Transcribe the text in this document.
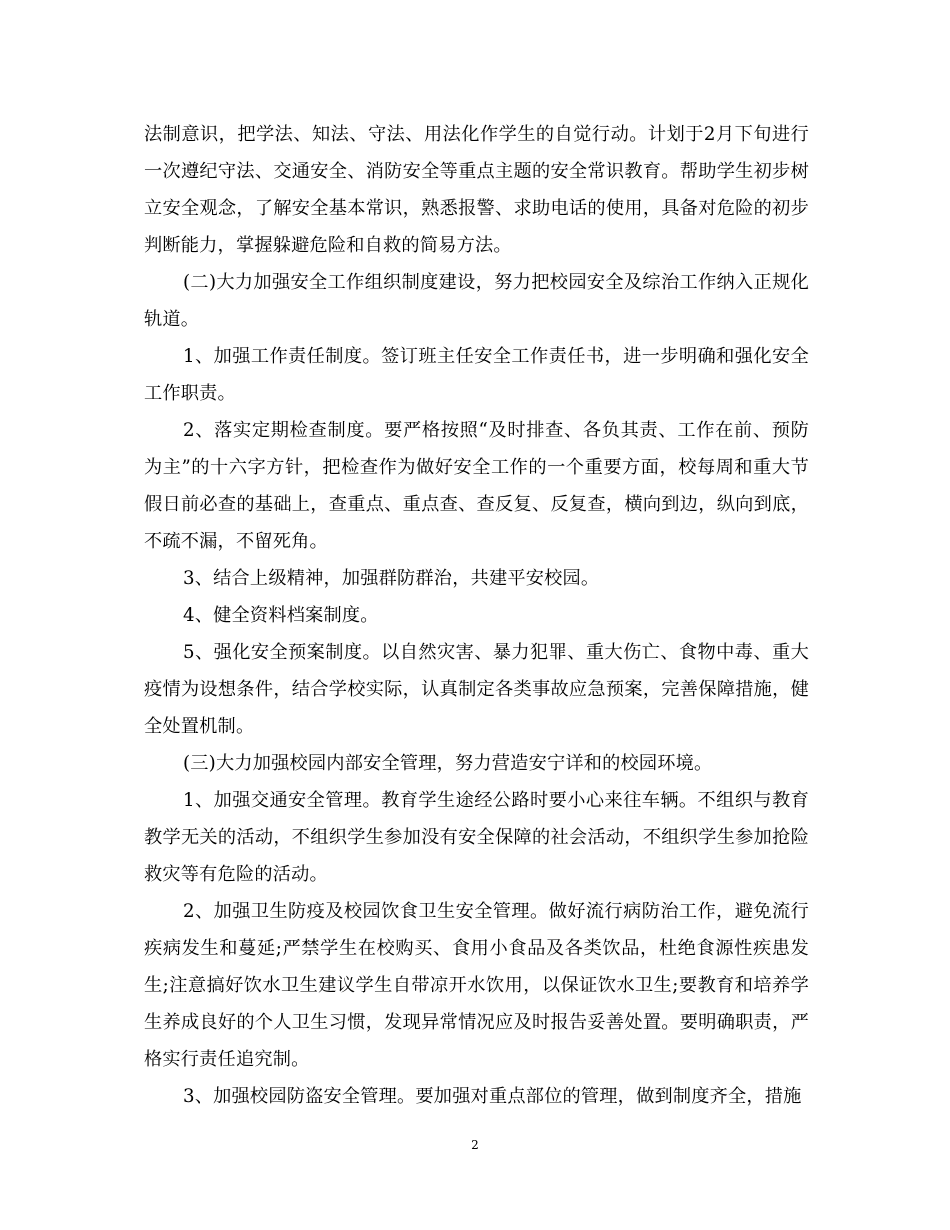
法制意识，把学法、知法、守法、用法化作学生的自觉行动。计划于2月下旬进行一次遵纪守法、交通安全、消防安全等重点主题的安全常识教育。帮助学生初步树立安全观念，了解安全基本常识，熟悉报警、求助电话的使用，具备对危险的初步判断能力，掌握躲避危险和自救的简易方法。

(二)大力加强安全工作组织制度建设，努力把校园安全及综治工作纳入正规化轨道。

1、加强工作责任制度。签订班主任安全工作责任书，进一步明确和强化安全工作职责。

2、落实定期检查制度。要严格按照“及时排查、各负其责、工作在前、预防为主”的十六字方针，把检查作为做好安全工作的一个重要方面，校每周和重大节假日前必查的基础上，查重点、重点查、查反复、反复查，横向到边，纵向到底，不疏不漏，不留死角。

3、结合上级精神，加强群防群治，共建平安校园。

4、健全资料档案制度。

5、强化安全预案制度。以自然灾害、暴力犯罪、重大伤亡、食物中毒、重大疫情为设想条件，结合学校实际，认真制定各类事故应急预案，完善保障措施，健全处置机制。

(三)大力加强校园内部安全管理，努力营造安宁详和的校园环境。

1、加强交通安全管理。教育学生途经公路时要小心来往车辆。不组织与教育教学无关的活动，不组织学生参加没有安全保障的社会活动，不组织学生参加抢险救灾等有危险的活动。

2、加强卫生防疫及校园饮食卫生安全管理。做好流行病防治工作，避免流行疾病发生和蔓延;严禁学生在校购买、食用小食品及各类饮品，杜绝食源性疾患发生;注意搞好饮水卫生建议学生自带凉开水饮用，以保证饮水卫生;要教育和培养学生养成良好的个人卫生习惯，发现异常情况应及时报告妥善处置。要明确职责，严格实行责任追究制。

3、加强校园防盗安全管理。要加强对重点部位的管理，做到制度齐全，措施

2
